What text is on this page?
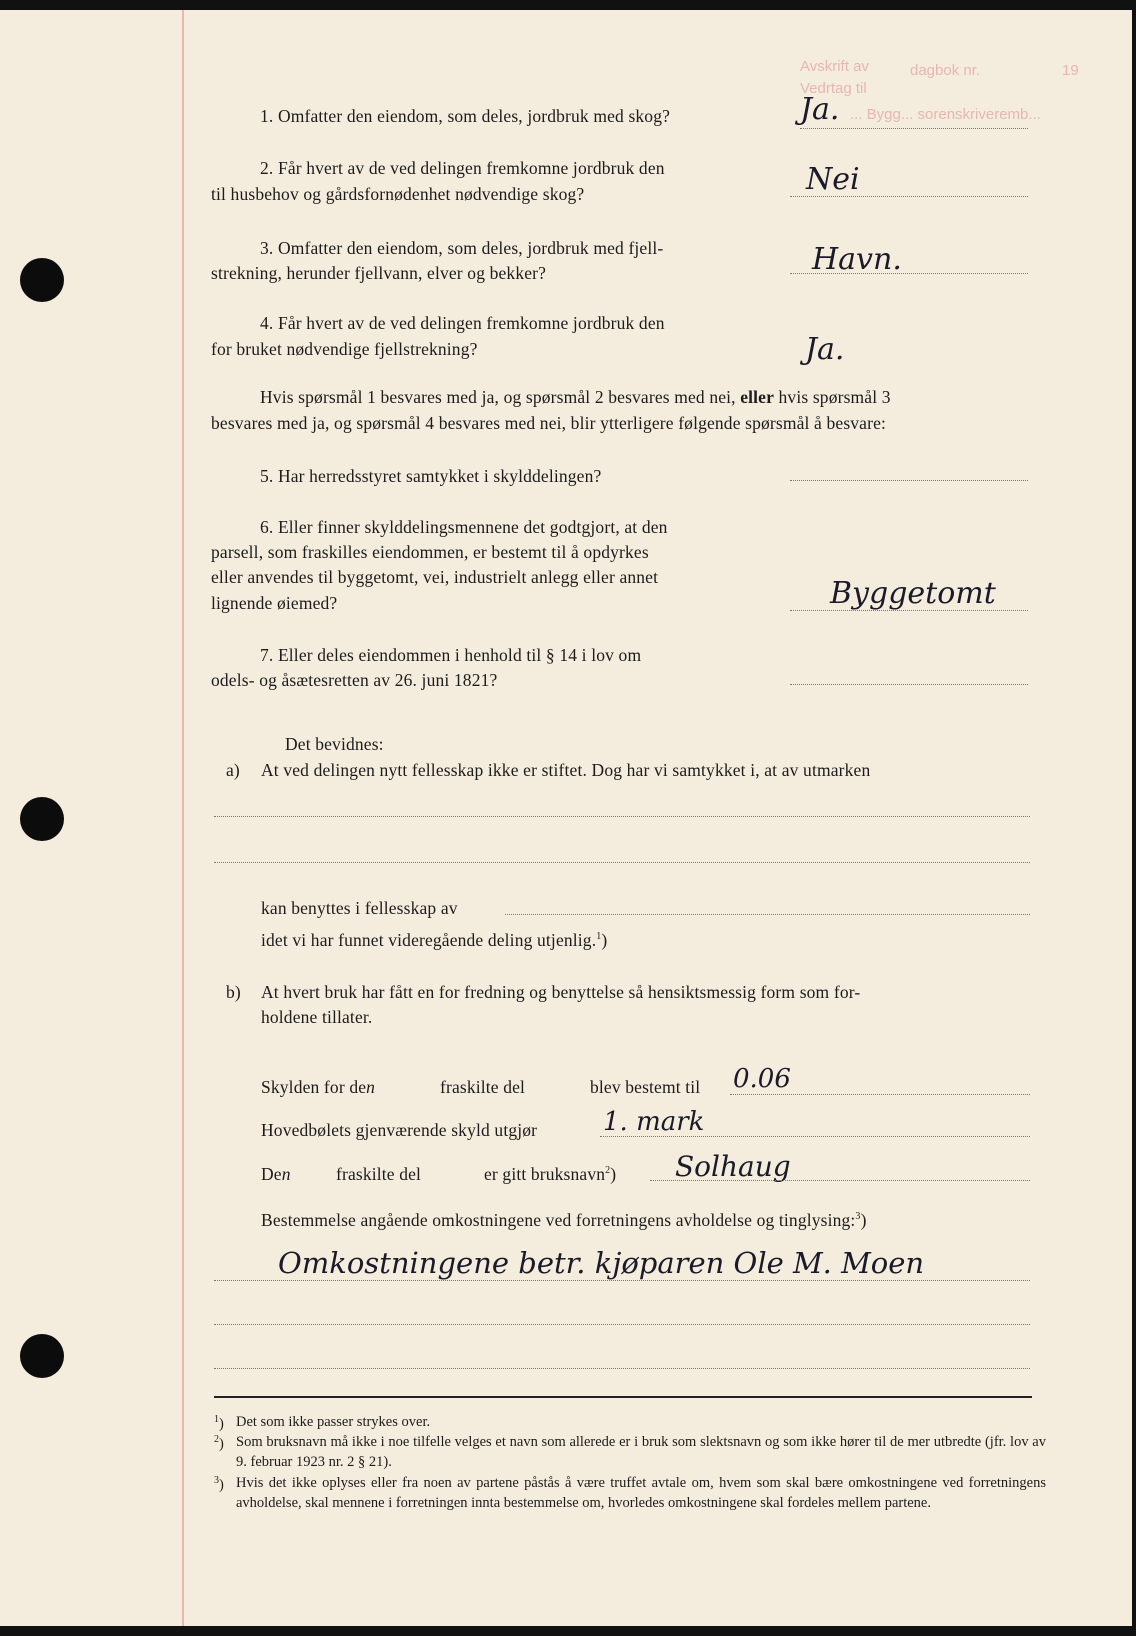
Avskrift av	dagbok nr.	19
Vedrtag til
... Bygg... sorenskriveremb...
1. Omfatter den eiendom, som deles, jordbruk med skog?	Ja.
2. Får hvert av de ved delingen fremkomne jordbruk den
til husbehov og gårdsfornødenhet nødvendige skog?	Nei
3. Omfatter den eiendom, som deles, jordbruk med fjell-
strekning, herunder fjellvann, elver og bekker?	Havn.
4. Får hvert av de ved delingen fremkomne jordbruk den
for bruket nødvendige fjellstrekning?	Ja.
Hvis spørsmål 1 besvares med ja, og spørsmål 2 besvares med nei, eller hvis spørsmål 3
besvares med ja, og spørsmål 4 besvares med nei, blir ytterligere følgende spørsmål å besvare:
5. Har herredsstyret samtykket i skylddelingen?
6. Eller finner skylddelingsmennene det godtgjort, at den
parsell, som fraskilles eiendommen, er bestemt til å opdyrkes
eller anvendes til byggetomt, vei, industrielt anlegg eller annet
lignende øiemed?	Byggetomt
7. Eller deles eiendommen i henhold til § 14 i lov om
odels- og åsætesretten av 26. juni 1821?
Det bevidnes:
a) At ved delingen nytt fellesskap ikke er stiftet. Dog har vi samtykket i, at av utmarken
kan benyttes i fellesskap av
idet vi har funnet videregående deling utjenlig.$^1$)
b) At hvert bruk har fått en for fredning og benyttelse så hensiktsmessig form som for-
holdene tillater.
Skylden for den	fraskilte del	blev bestemt til 0.06
Hovedbølets gjenværende skyld utgjør	1. mark
Den	fraskilte del	er gitt bruksnavn$^2$) Solhaug
Bestemmelse angående omkostningene ved forretningens avholdelse og tinglysing:$^3$)
Omkostningene betr. kjøparen Ole M. Moen
$^1$) Det som ikke passer strykes over.
$^2$) Som bruksnavn må ikke i noe tilfelle velges et navn som allerede er i bruk som slektsnavn og som ikke hører til de mer utbredte (jfr. lov av 9. februar 1923 nr. 2 § 21).
$^3$) Hvis det ikke oplyses eller fra noen av partene påstås å være truffet avtale om, hvem som skal bære omkostningene ved forretningens avholdelse, skal mennene i forretningen innta bestemmelse om, hvorledes omkostningene skal fordeles mellem partene.
